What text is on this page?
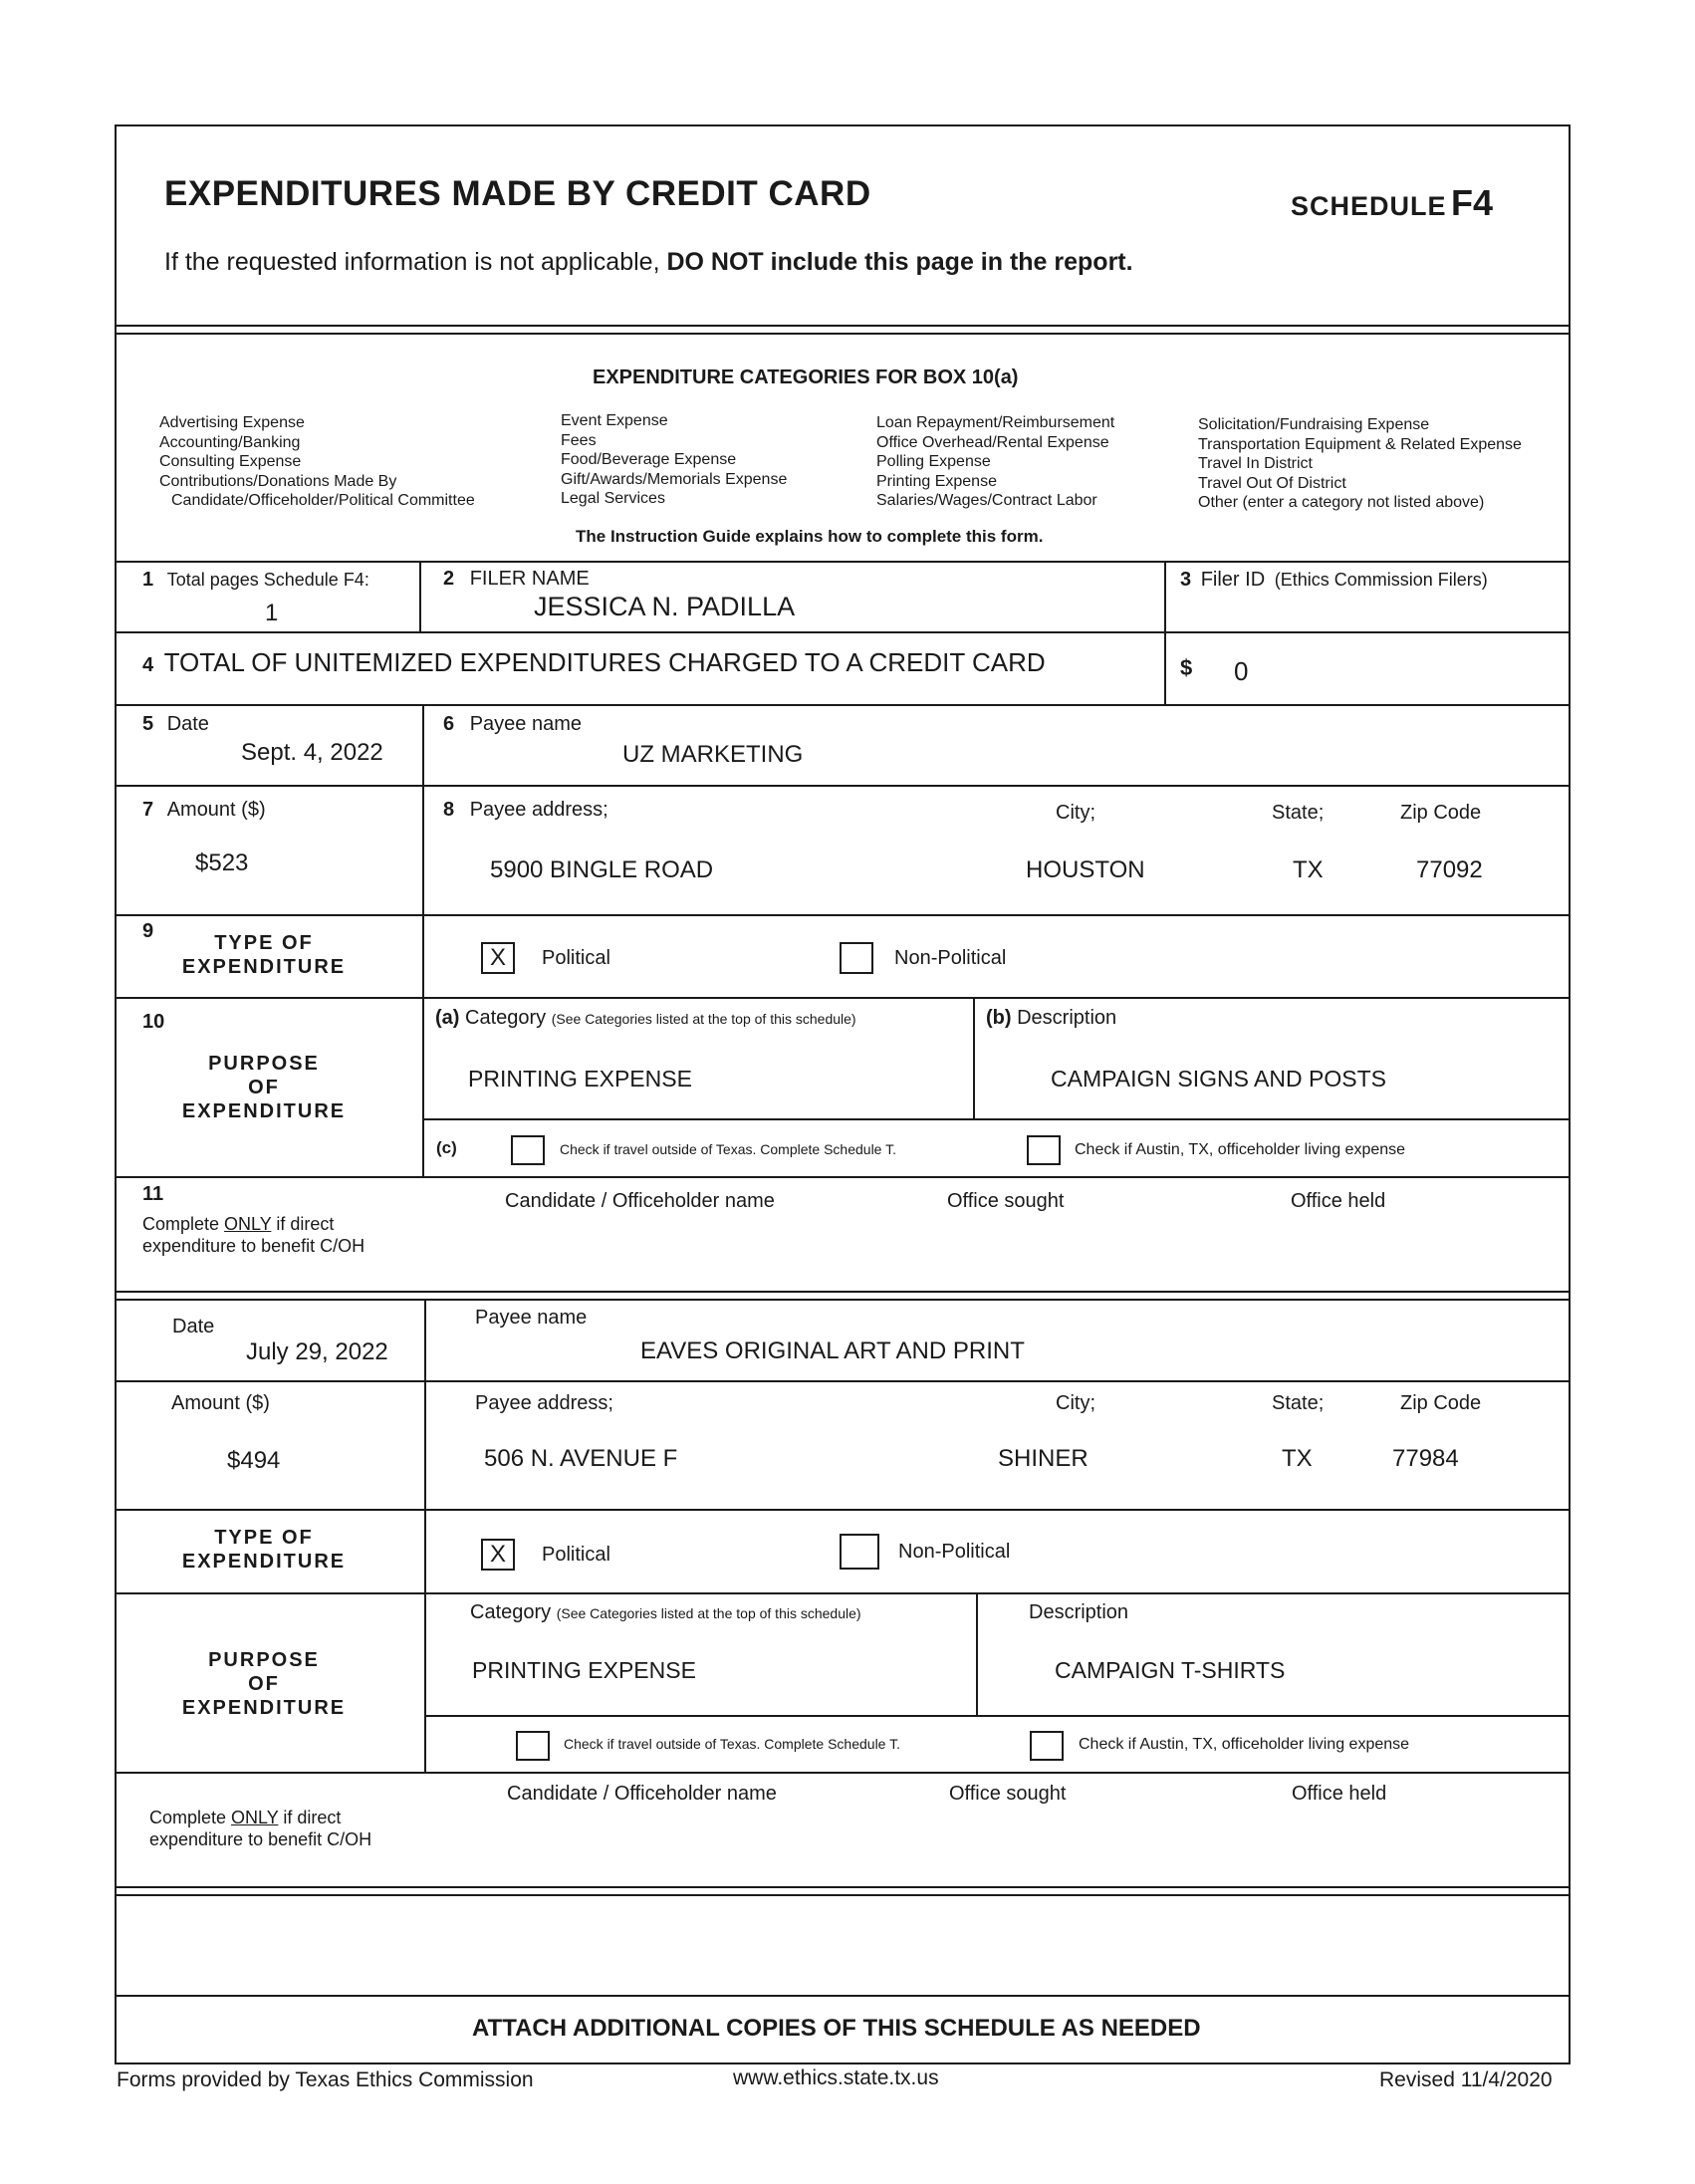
EXPENDITURES MADE BY CREDIT CARD	SCHEDULE F4
If the requested information is not applicable, DO NOT include this page in the report.
EXPENDITURE CATEGORIES FOR BOX 10(a)
Advertising Expense
Accounting/Banking
Consulting Expense
Contributions/Donations Made By
Candidate/Officeholder/Political Committee
Event Expense
Fees
Food/Beverage Expense
Gift/Awards/Memorials Expense
Legal Services
Loan Repayment/Reimbursement
Office Overhead/Rental Expense
Polling Expense
Printing Expense
Salaries/Wages/Contract Labor
Solicitation/Fundraising Expense
Transportation Equipment & Related Expense
Travel In District
Travel Out Of District
Other (enter a category not listed above)
The Instruction Guide explains how to complete this form.
1 Total pages Schedule F4:
1
2 FILER NAME
JESSICA N. PADILLA
3 Filer ID (Ethics Commission Filers)
4 TOTAL OF UNITEMIZED EXPENDITURES CHARGED TO A CREDIT CARD	$ 0
5 Date
Sept. 4, 2022
6 Payee name
UZ MARKETING
7 Amount ($)
$523
8 Payee address;	City;	State;	Zip Code
5900 BINGLE ROAD	HOUSTON	TX	77092
9
TYPE OF
EXPENDITURE	X	Political	Non-Political
10
PURPOSE
OF
EXPENDITURE
(a) Category (See Categories listed at the top of this schedule)	(b) Description
PRINTING EXPENSE	CAMPAIGN SIGNS AND POSTS
(c)	Check if travel outside of Texas. Complete Schedule T.	Check if Austin, TX, officeholder living expense
11
Complete ONLY if direct
expenditure to benefit C/OH
Candidate / Officeholder name	Office sought	Office held
Date
July 29, 2022
Payee name
EAVES ORIGINAL ART AND PRINT
Amount ($)
$494
Payee address;	City;	State;	Zip Code
506 N. AVENUE F	SHINER	TX	77984
TYPE OF
EXPENDITURE	X	Political	Non-Political
PURPOSE
OF
EXPENDITURE
Category (See Categories listed at the top of this schedule)	Description
PRINTING EXPENSE	CAMPAIGN T-SHIRTS
Check if travel outside of Texas. Complete Schedule T.	Check if Austin, TX, officeholder living expense
Complete ONLY if direct
expenditure to benefit C/OH
Candidate / Officeholder name	Office sought	Office held
ATTACH ADDITIONAL COPIES OF THIS SCHEDULE AS NEEDED
Forms provided by Texas Ethics Commission	www.ethics.state.tx.us	Revised 11/4/2020
